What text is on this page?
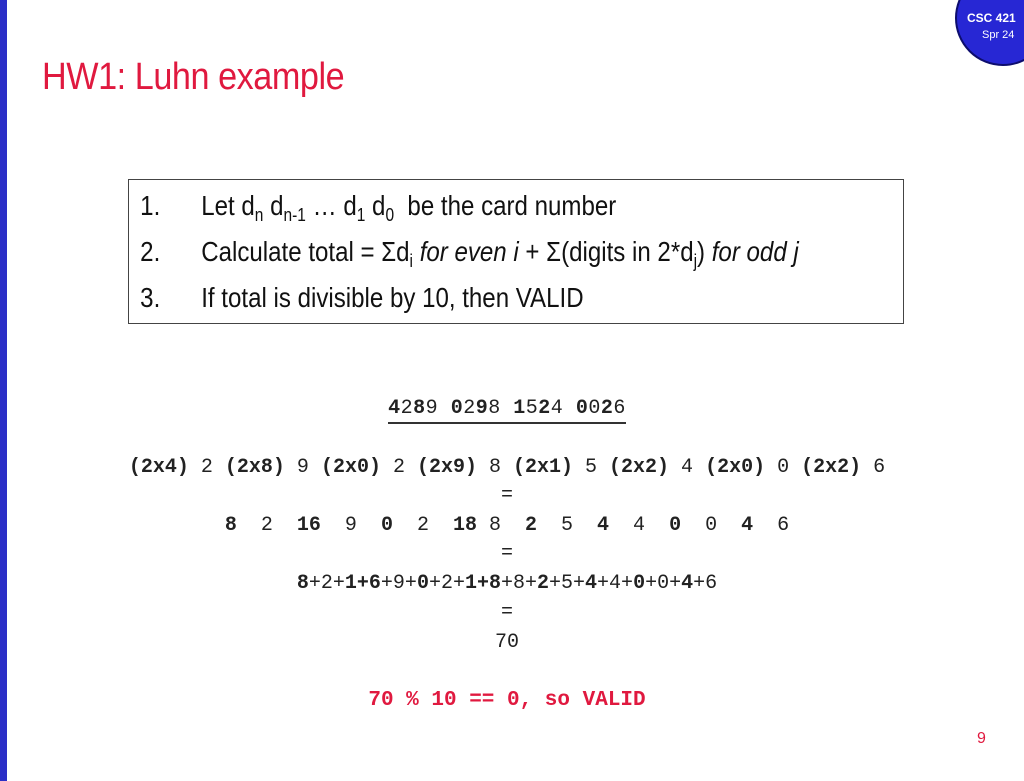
CSC 421
Spr 24
HW1: Luhn example
1. Let $d_n$ $d_{n-1}$ … $d_1$ $d_0$  be the card number
2. Calculate total = $\Sigma d_i$ for even i + Σ(digits in $2*d_j$) for odd j
3. If total is divisible by 10, then VALID
4289 0298 1524 0026
(2x4) 2 (2x8) 9 (2x0) 2 (2x9) 8 (2x1) 5 (2x2) 4 (2x0) 0 (2x2) 6
=
8  2  16  9  0  2  18 8  2  5  4  4  0  0  4  6
=
8+2+1+6+9+0+2+1+8+8+2+5+4+4+0+0+4+6
=
70
70 % 10 == 0, so VALID
9
